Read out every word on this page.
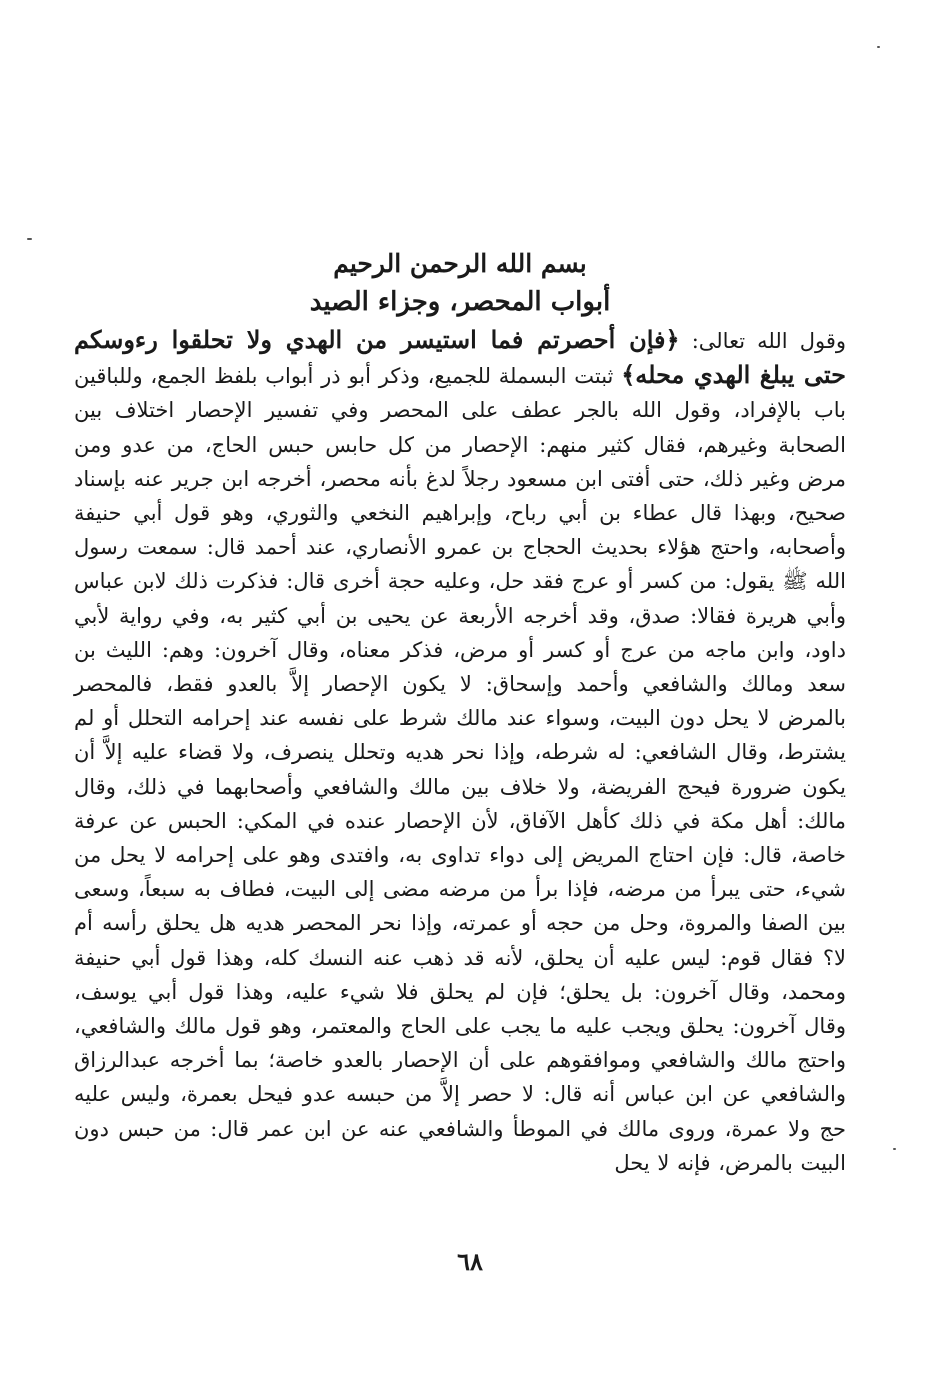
بسم الله الرحمن الرحيم
أبواب المحصر، وجزاء الصيد

وقول الله تعالى: ﴿فإن أحصرتم فما استيسر من الهدي ولا تحلقوا رءوسكم حتى يبلغ الهدي محله﴾ ثبتت البسملة للجميع، وذكر أبو ذر أبواب بلفظ الجمع، وللباقين باب بالإفراد، وقول الله بالجر عطف على المحصر وفي تفسير الإحصار اختلاف بين الصحابة وغيرهم، فقال كثير منهم: الإحصار من كل حابس حبس الحاج، من عدو ومن مرض وغير ذلك، حتى أفتى ابن مسعود رجلاً لدغ بأنه محصر، أخرجه ابن جرير عنه بإسناد صحيح، وبهذا قال عطاء بن أبي رباح، وإبراهيم النخعي والثوري، وهو قول أبي حنيفة وأصحابه، واحتج هؤلاء بحديث الحجاج بن عمرو الأنصاري، عند أحمد قال: سمعت رسول الله ﷺ يقول: من كسر أو عرج فقد حل، وعليه حجة أخرى قال: فذكرت ذلك لابن عباس وأبي هريرة فقالا: صدق، وقد أخرجه الأربعة عن يحيى بن أبي كثير به، وفي رواية لأبي داود، وابن ماجه من عرج أو كسر أو مرض، فذكر معناه، وقال آخرون: وهم: الليث بن سعد ومالك والشافعي وأحمد وإسحاق: لا يكون الإحصار إلاَّ بالعدو فقط، فالمحصر بالمرض لا يحل دون البيت، وسواء عند مالك شرط على نفسه عند إحرامه التحلل أو لم يشترط، وقال الشافعي: له شرطه، وإذا نحر هديه وتحلل ينصرف، ولا قضاء عليه إلاَّ أن يكون ضرورة فيحج الفريضة، ولا خلاف بين مالك والشافعي وأصحابهما في ذلك، وقال مالك: أهل مكة في ذلك كأهل الآفاق، لأن الإحصار عنده في المكي: الحبس عن عرفة خاصة، قال: فإن احتاج المريض إلى دواء تداوى به، وافتدى وهو على إحرامه لا يحل من شيء، حتى يبرأ من مرضه، فإذا برأ من مرضه مضى إلى البيت، فطاف به سبعاً، وسعى بين الصفا والمروة، وحل من حجه أو عمرته، وإذا نحر المحصر هديه هل يحلق رأسه أم لا؟ فقال قوم: ليس عليه أن يحلق، لأنه قد ذهب عنه النسك كله، وهذا قول أبي حنيفة ومحمد، وقال آخرون: بل يحلق؛ فإن لم يحلق فلا شيء عليه، وهذا قول أبي يوسف، وقال آخرون: يحلق ويجب عليه ما يجب على الحاج والمعتمر، وهو قول مالك والشافعي، واحتج مالك والشافعي وموافقوهم على أن الإحصار بالعدو خاصة؛ بما أخرجه عبدالرزاق والشافعي عن ابن عباس أنه قال: لا حصر إلاَّ من حبسه عدو فيحل بعمرة، وليس عليه حج ولا عمرة، وروى مالك في الموطأ والشافعي عنه عن ابن عمر قال: من حبس دون البيت بالمرض، فإنه لا يحل

٦٨
